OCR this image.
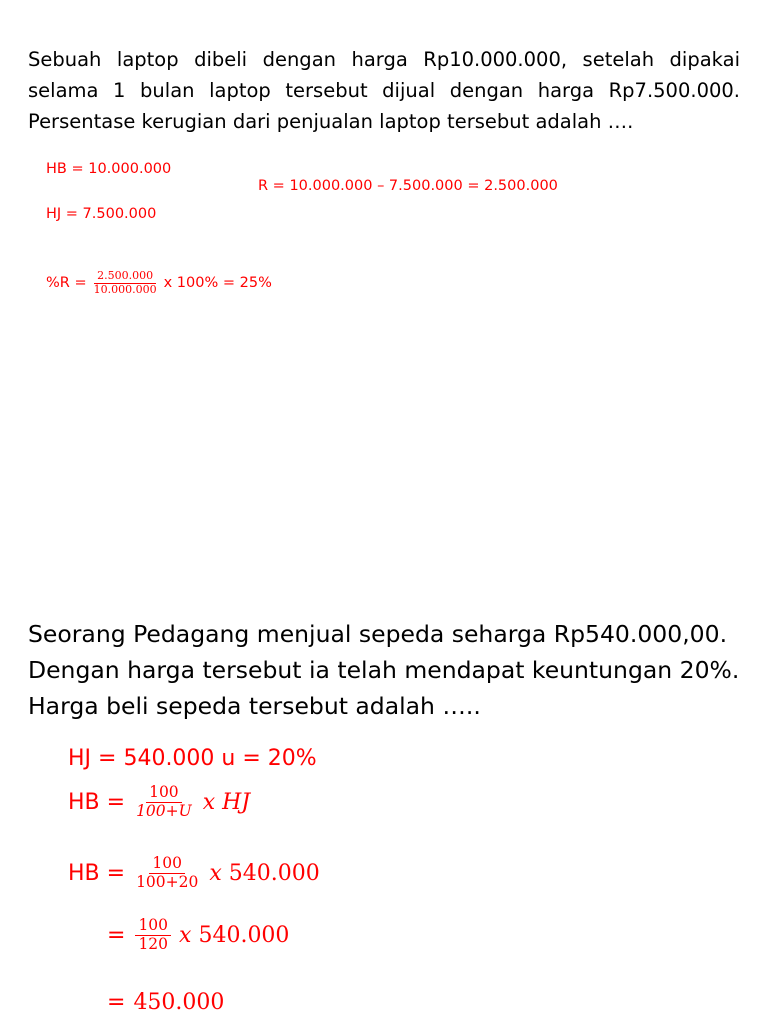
Sebuah laptop dibeli dengan harga Rp10.000.000, setelah dipakai selama 1 bulan laptop tersebut dijual dengan harga Rp7.500.000. Persentase kerugian dari penjualan laptop tersebut adalah ….

HB = 10.000.000
R = 10.000.000 – 7.500.000 = 2.500.000
HJ = 7.500.000
$\%R = \frac{2.500.000}{10.000.000}$ x 100% = 25%

Seorang Pedagang menjual sepeda seharga Rp540.000,00. Dengan harga tersebut ia telah mendapat keuntungan 20%. Harga beli sepeda tersebut adalah …..

HJ = 540.000 u = 20%
HB = $\frac{100}{100+U}$ x HJ
HB = $\frac{100}{100+20}$ x 540.000
= $\frac{100}{120}$ x 540.000
= 450.000
